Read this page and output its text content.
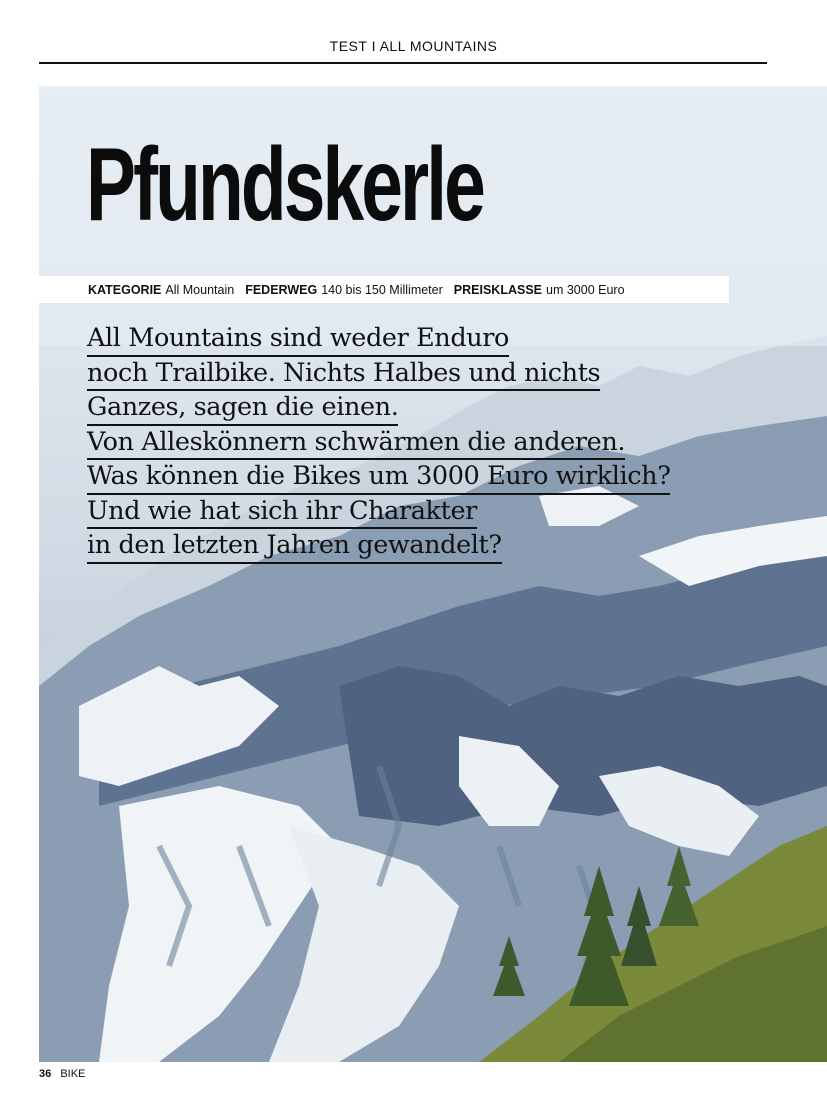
TEST I ALL MOUNTAINS
Pfundskerle
KATEGORIE All Mountain FEDERWEG 140 bis 150 Millimeter PREISKLASSE um 3000 Euro
All Mountains sind weder Enduro
noch Trailbike. Nichts Halbes und nichts
Ganzes, sagen die einen.
Von Alleskönnern schwärmen die anderen.
Was können die Bikes um 3000 Euro wirklich?
Und wie hat sich ihr Charakter
in den letzten Jahren gewandelt?
36 BIKE
